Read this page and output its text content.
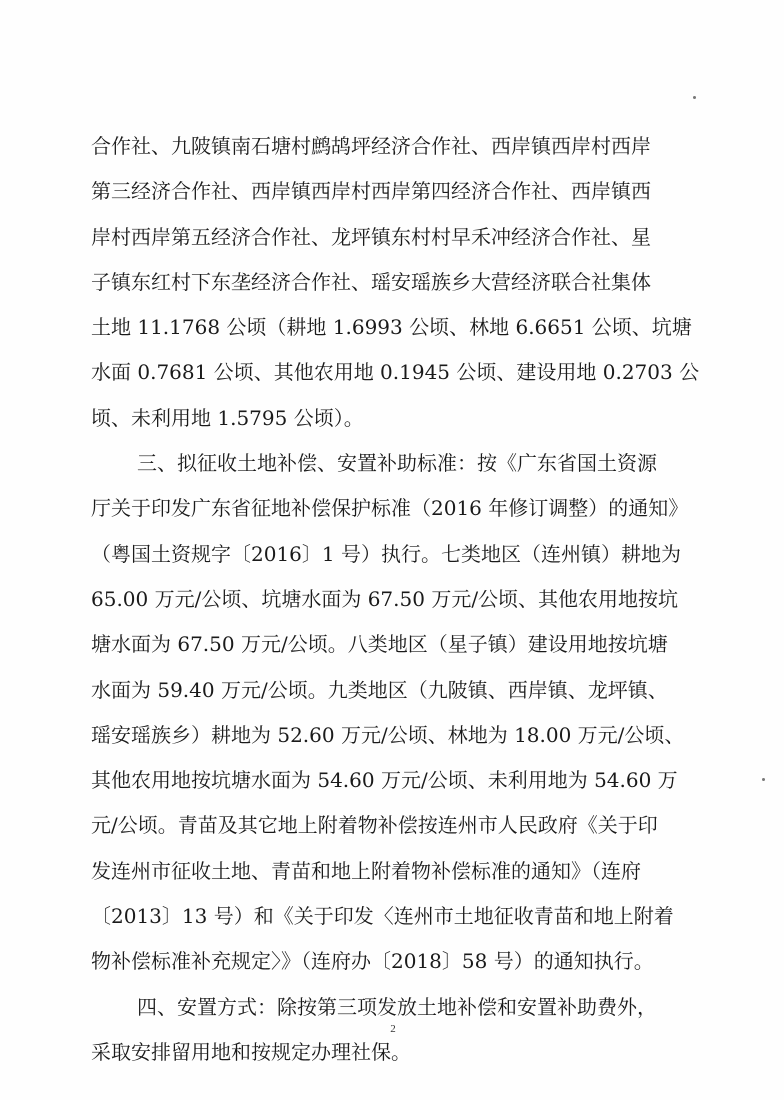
合作社、九陂镇南石塘村鹧鸪坪经济合作社、西岸镇西岸村西岸
第三经济合作社、西岸镇西岸村西岸第四经济合作社、西岸镇西
岸村西岸第五经济合作社、龙坪镇东村村早禾冲经济合作社、星
子镇东红村下东垄经济合作社、瑶安瑶族乡大营经济联合社集体
土地 11.1768 公顷（耕地 1.6993 公顷、林地 6.6651 公顷、坑塘
水面 0.7681 公顷、其他农用地 0.1945 公顷、建设用地 0.2703 公
顷、未利用地 1.5795 公顷）。
三、拟征收土地补偿、安置补助标准：按《广东省国土资源
厅关于印发广东省征地补偿保护标准（2016 年修订调整）的通知》
（粤国土资规字〔2016〕1 号）执行。七类地区（连州镇）耕地为
65.00 万元/公顷、坑塘水面为 67.50 万元/公顷、其他农用地按坑
塘水面为 67.50 万元/公顷。八类地区（星子镇）建设用地按坑塘
水面为 59.40 万元/公顷。九类地区（九陂镇、西岸镇、龙坪镇、
瑶安瑶族乡）耕地为 52.60 万元/公顷、林地为 18.00 万元/公顷、
其他农用地按坑塘水面为 54.60 万元/公顷、未利用地为 54.60 万
元/公顷。青苗及其它地上附着物补偿按连州市人民政府《关于印
发连州市征收土地、青苗和地上附着物补偿标准的通知》（连府
〔2013〕13 号）和《关于印发〈连州市土地征收青苗和地上附着
物补偿标准补充规定〉》（连府办〔2018〕58 号）的通知执行。
四、安置方式：除按第三项发放土地补偿和安置补助费外，
采取安排留用地和按规定办理社保。
2
